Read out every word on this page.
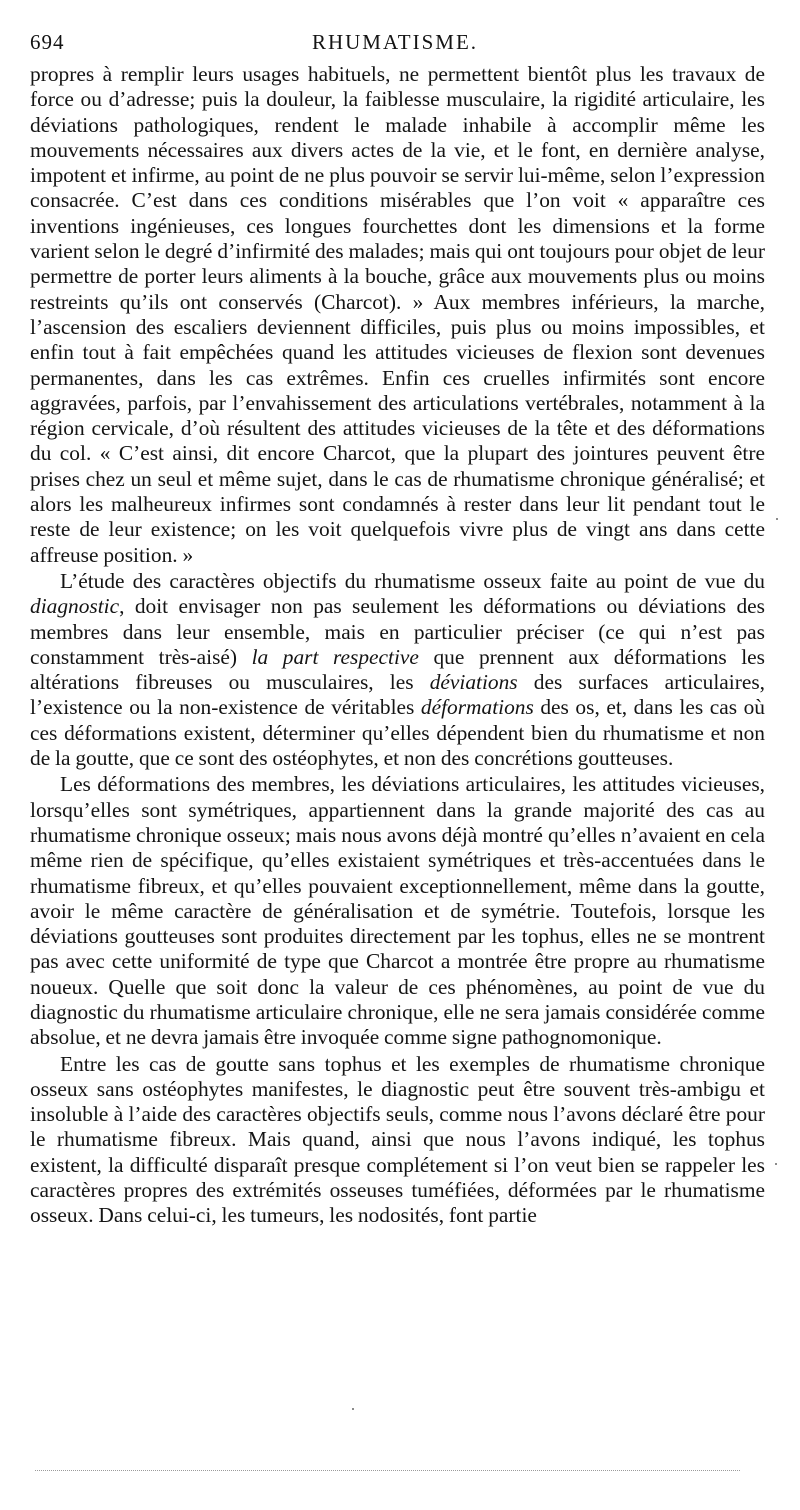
694	RHUMATISME.

propres à remplir leurs usages habituels, ne permettent bientôt plus les travaux de force ou d’adresse; puis la douleur, la faiblesse musculaire, la rigidité articulaire, les déviations pathologiques, rendent le malade inhabile à accomplir même les mouvements nécessaires aux divers actes de la vie, et le font, en dernière analyse, impotent et infirme, au point de ne plus pouvoir se servir lui-même, selon l’expression consacrée. C’est dans ces conditions misérables que l’on voit « apparaître ces inventions ingénieuses, ces longues fourchettes dont les dimensions et la forme varient selon le degré d’infirmité des malades; mais qui ont toujours pour objet de leur permettre de porter leurs aliments à la bouche, grâce aux mouvements plus ou moins restreints qu’ils ont conservés (Charcot). » Aux membres inférieurs, la marche, l’ascension des escaliers deviennent difficiles, puis plus ou moins impossibles, et enfin tout à fait empêchées quand les attitudes vicieuses de flexion sont devenues permanentes, dans les cas extrêmes. Enfin ces cruelles infirmités sont encore aggravées, parfois, par l’envahissement des articulations vertébrales, notamment à la région cervicale, d’où résultent des attitudes vicieuses de la tête et des déformations du col. « C’est ainsi, dit encore Charcot, que la plupart des jointures peuvent être prises chez un seul et même sujet, dans le cas de rhumatisme chronique généralisé; et alors les malheureux infirmes sont condamnés à rester dans leur lit pendant tout le reste de leur existence; on les voit quelquefois vivre plus de vingt ans dans cette affreuse position. »

L’étude des caractères objectifs du rhumatisme osseux faite au point de vue du diagnostic, doit envisager non pas seulement les déformations ou déviations des membres dans leur ensemble, mais en particulier préciser (ce qui n’est pas constamment très-aisé) la part respective que prennent aux déformations les altérations fibreuses ou musculaires, les déviations des surfaces articulaires, l’existence ou la non-existence de véritables déformations des os, et, dans les cas où ces déformations existent, déterminer qu’elles dépendent bien du rhumatisme et non de la goutte, que ce sont des ostéophytes, et non des concrétions goutteuses.

Les déformations des membres, les déviations articulaires, les attitudes vicieuses, lorsqu’elles sont symétriques, appartiennent dans la grande majorité des cas au rhumatisme chronique osseux; mais nous avons déjà montré qu’elles n’avaient en cela même rien de spécifique, qu’elles existaient symétriques et très-accentuées dans le rhumatisme fibreux, et qu’elles pouvaient exceptionnellement, même dans la goutte, avoir le même caractère de généralisation et de symétrie. Toutefois, lorsque les déviations goutteuses sont produites directement par les tophus, elles ne se montrent pas avec cette uniformité de type que Charcot a montrée être propre au rhumatisme noueux. Quelle que soit donc la valeur de ces phénomènes, au point de vue du diagnostic du rhumatisme articulaire chronique, elle ne sera jamais considérée comme absolue, et ne devra jamais être invoquée comme signe pathognomonique.

Entre les cas de goutte sans tophus et les exemples de rhumatisme chronique osseux sans ostéophytes manifestes, le diagnostic peut être souvent très-ambigu et insoluble à l’aide des caractères objectifs seuls, comme nous l’avons déclaré être pour le rhumatisme fibreux. Mais quand, ainsi que nous l’avons indiqué, les tophus existent, la difficulté disparaît presque complétement si l’on veut bien se rappeler les caractères propres des extrémités osseuses tuméfiées, déformées par le rhumatisme osseux. Dans celui-ci, les tumeurs, les nodosités, font partie
